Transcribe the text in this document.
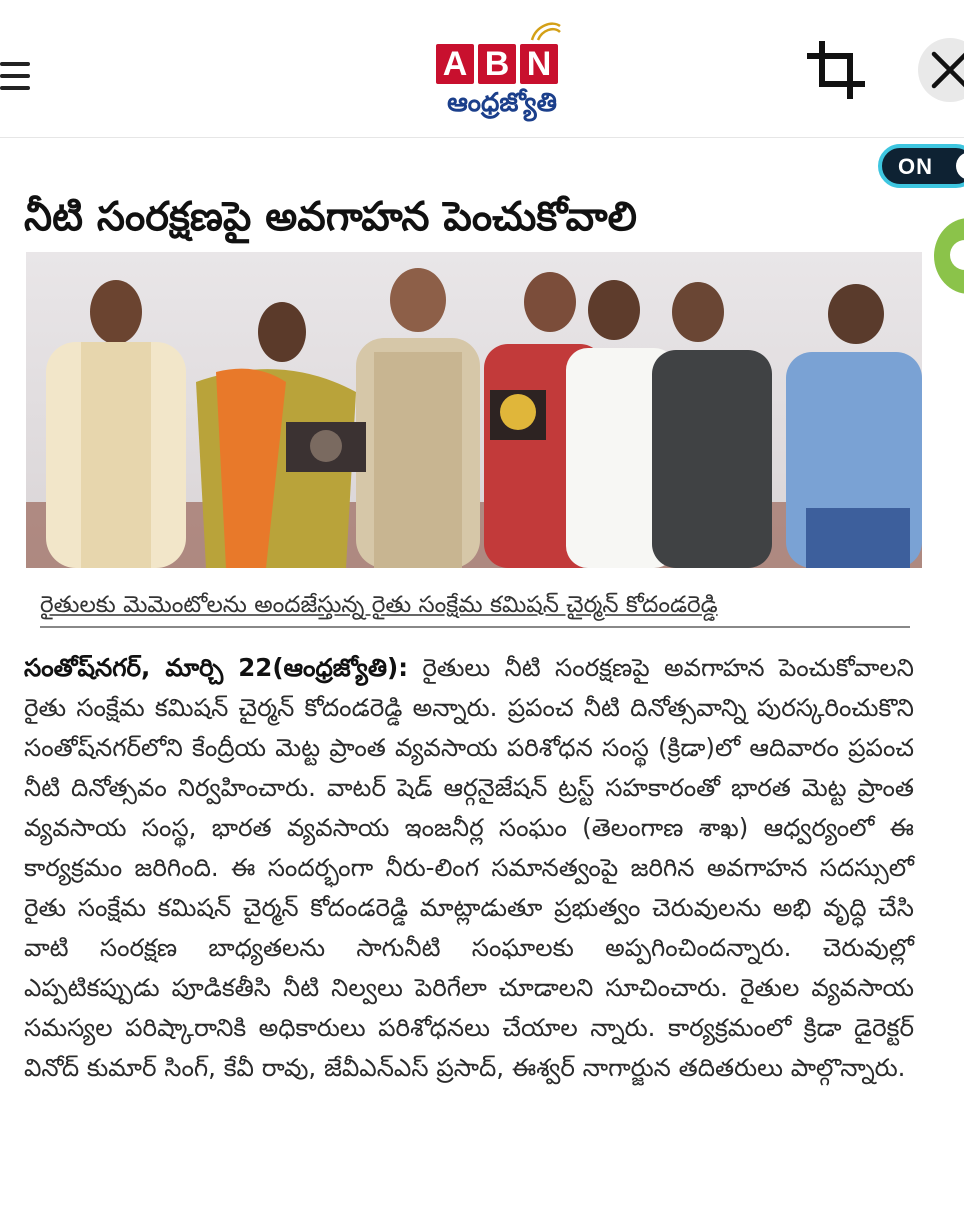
A B N
ఆంధ్రజ్యోతి
ON
నీటి సంరక్షణపై అవగాహన పెంచుకోవాలి
రైతులకు మెమెంటోలను అందజేస్తున్న రైతు సంక్షేమ కమిషన్ చైర్మన్ కోదండరెడ్డి
సంతోష్‌నగర్, మార్చి 22(ఆంధ్రజ్యోతి): రైతులు నీటి సంరక్షణపై అవగాహన పెంచుకోవాలని రైతు సంక్షేమ కమిషన్ చైర్మన్ కోదండరెడ్డి అన్నారు. ప్రపంచ నీటి దినోత్సవాన్ని పురస్కరించుకొని సంతోష్‌నగర్‌లోని కేంద్రీయ మెట్ట ప్రాంత వ్యవసాయ పరిశోధన సంస్థ (క్రిడా)లో ఆదివారం ప్రపంచ నీటి దినోత్సవం నిర్వహించారు. వాటర్ షెడ్ ఆర్గనైజేషన్ ట్రస్ట్ సహకారంతో భారత మెట్ట ప్రాంత వ్యవసాయ సంస్థ, భారత వ్యవసాయ ఇంజనీర్ల సంఘం (తెలంగాణ శాఖ) ఆధ్వర్యంలో ఈ కార్యక్రమం జరిగింది. ఈ సందర్భంగా నీరు-లింగ సమానత్వంపై జరిగిన అవగాహన సదస్సులో రైతు సంక్షేమ కమిషన్ చైర్మన్ కోదండరెడ్డి మాట్లాడుతూ ప్రభుత్వం చెరువులను అభి వృద్ధి చేసి వాటి సంరక్షణ బాధ్యతలను సాగునీటి సంఘాలకు అప్పగించిందన్నారు. చెరువుల్లో ఎప్పటికప్పుడు పూడికతీసి నీటి నిల్వలు పెరిగేలా చూడాలని సూచించారు. రైతుల వ్యవసాయ సమస్యల పరిష్కారానికి అధికారులు పరిశోధనలు చేయాల న్నారు. కార్యక్రమంలో క్రిడా డైరెక్టర్ వినోద్ కుమార్ సింగ్, కేవీ రావు, జేవీఎన్ఎస్ ప్రసాద్, ఈశ్వర్ నాగార్జున తదితరులు పాల్గొన్నారు.
